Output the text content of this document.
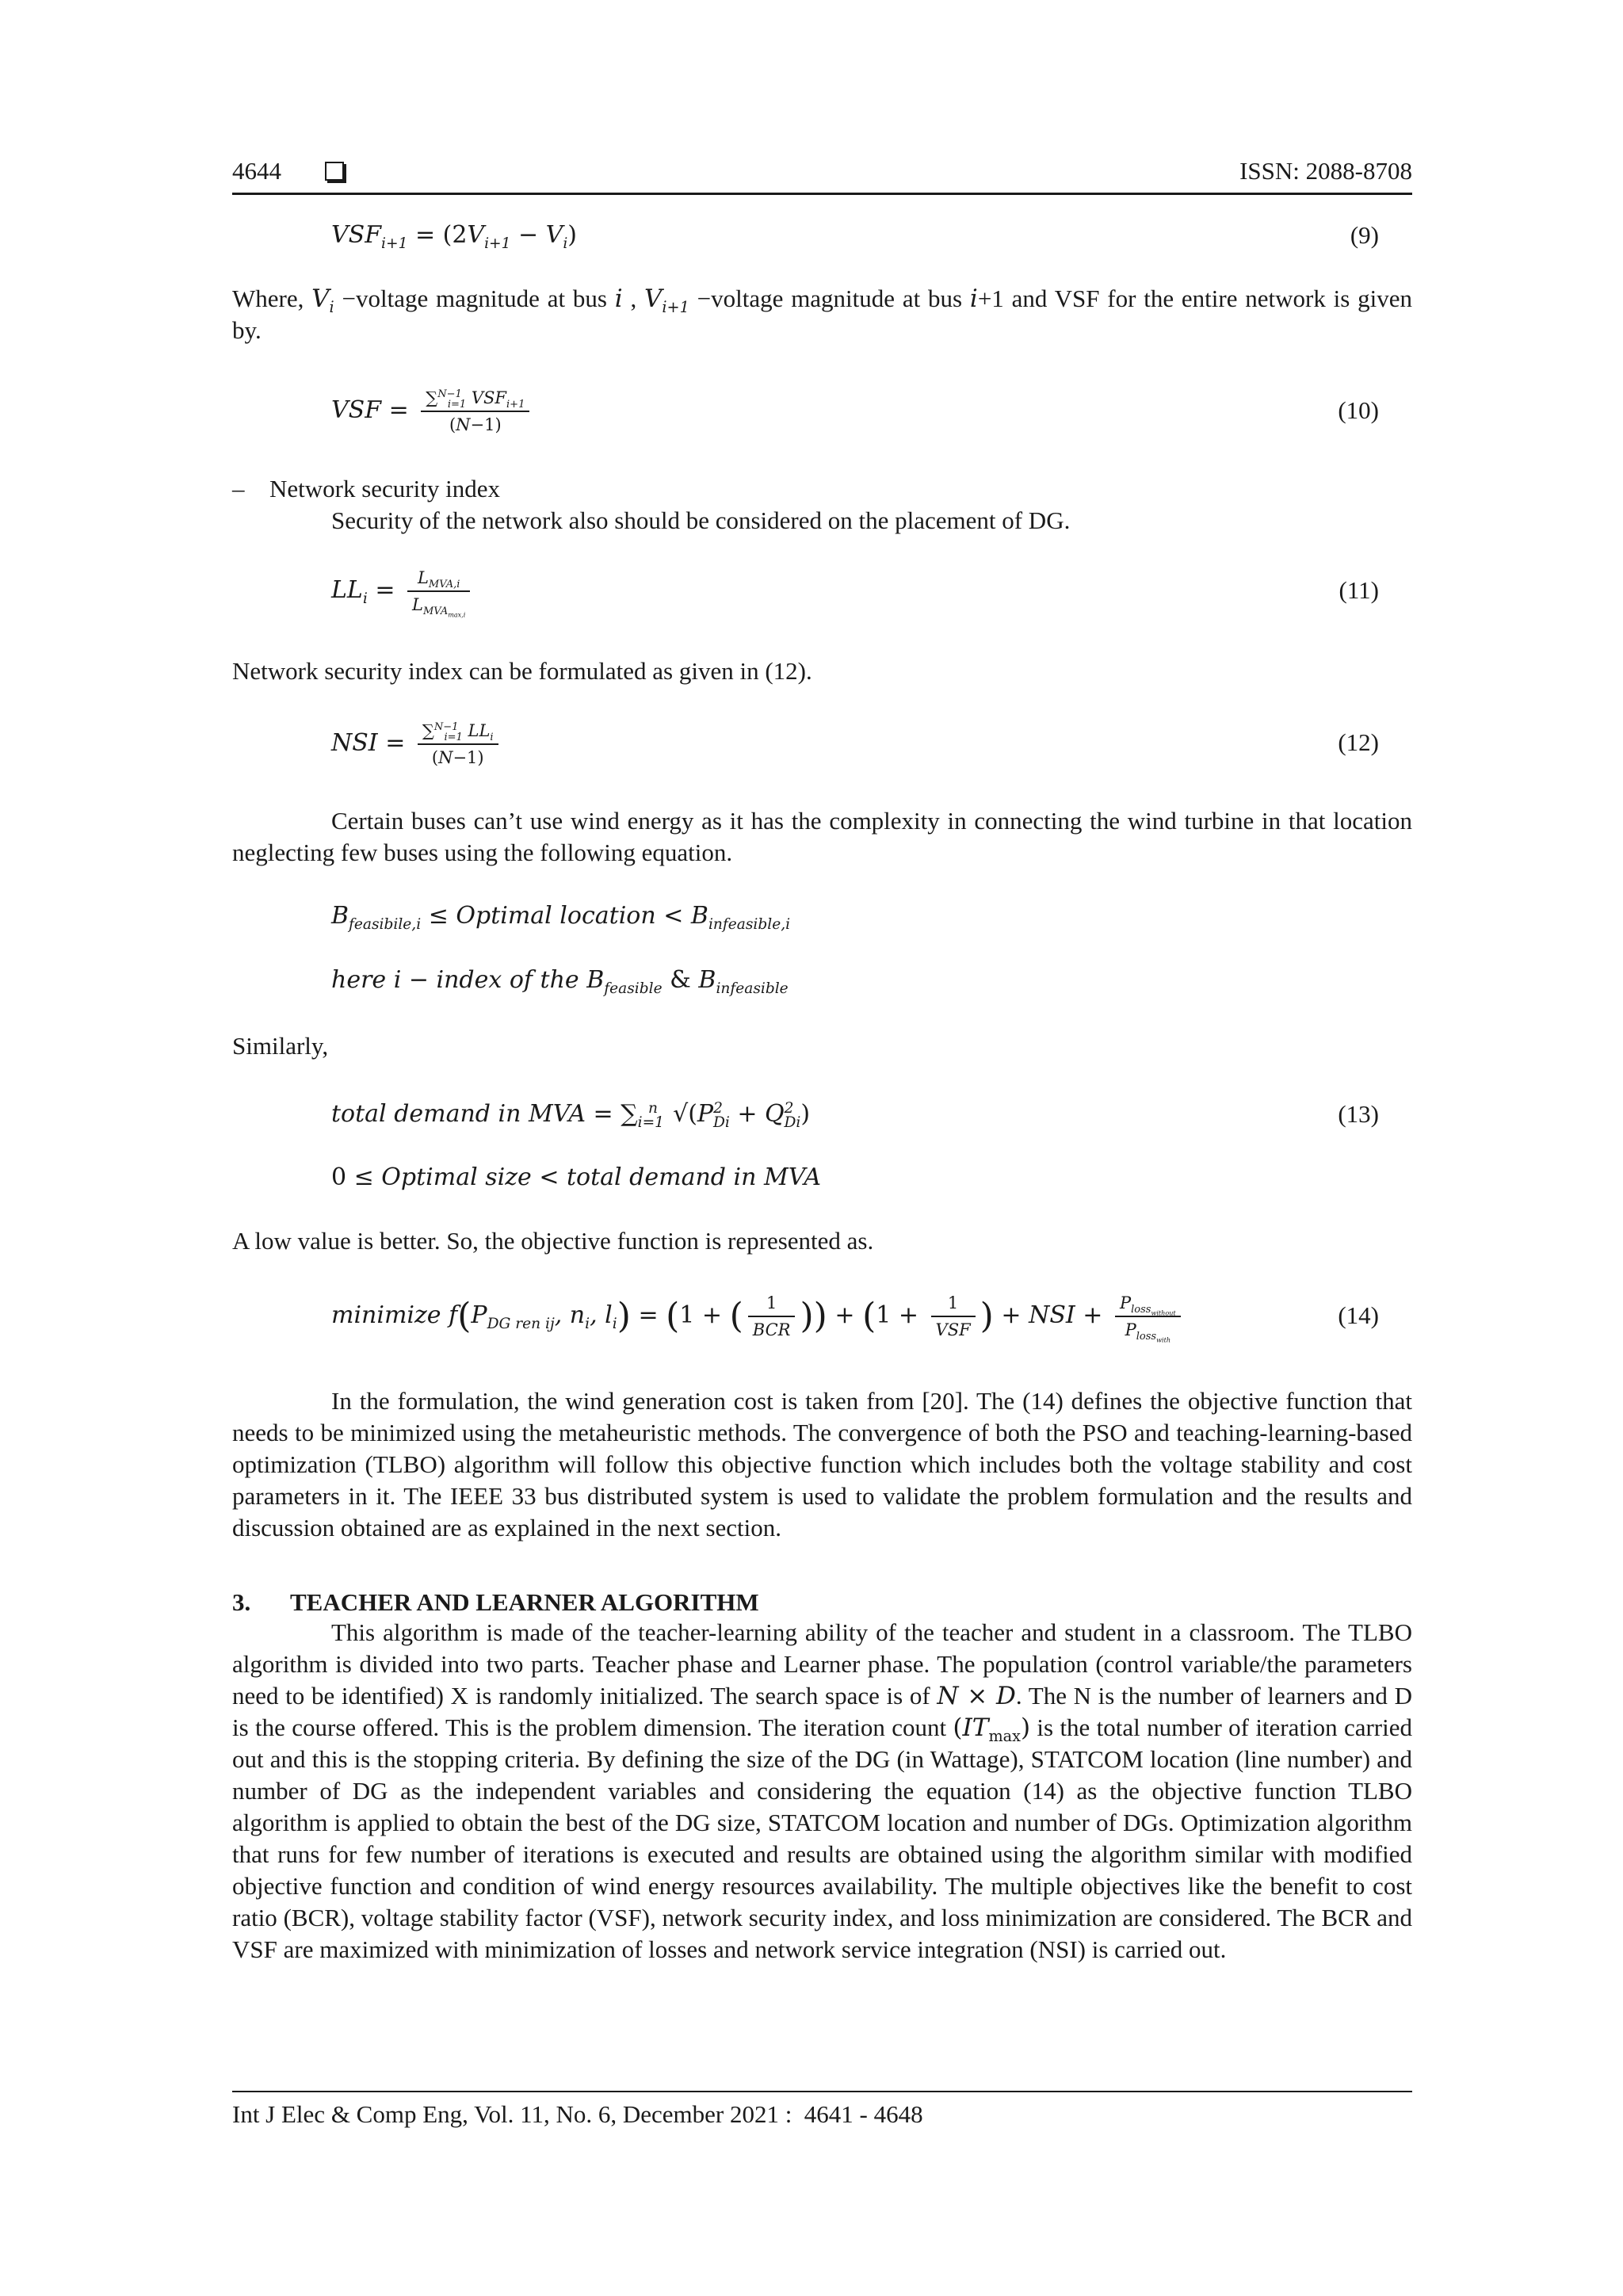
4644	ISSN: 2088-8708
$VSF_{i+1} = (2V_{i+1} - V_i)$	(9)
Where, $V_i$ −voltage magnitude at bus i , $V_{i+1}$ −voltage magnitude at bus i+1 and VSF for the entire network is given by.
VSF = $\frac{\sum^{N-1}_{i=1} VSF_{i+1}}{(N-1)}$	(10)
– Network security index
Security of the network also should be considered on the placement of DG.
$LL_i = \frac{L_{MVA,i}}{L_{MVA_{max,i}}}$	(11)
Network security index can be formulated as given in (12).
NSI = $\frac{\sum^{N-1}_{i=1} LL_i}{(N-1)}$	(12)
Certain buses can’t use wind energy as it has the complexity in connecting the wind turbine in that location neglecting few buses using the following equation.
$B_{feasibile,i}$ ≤ Optimal location < $B_{infeasible,i}$
here i − index of the $B_{feasible}$ & $B_{infeasible}$
Similarly,
total demand in MVA = $\sum_{i=1}^n$ $√(P^2_{Di} + Q^2_{Di})$	(13)
0 ≤ Optimal size < total demand in MVA
A low value is better. So, the objective function is represented as.
minimize $f(P_{DG ren ij}$, $n_i$, $l_i) = (1$ + ( $\frac{1}{\text{BCR}}$ )) + ($1 + \frac{1}{\text{VSF}}$ ) + NSI + $\frac{P_{loss_{without}}}{P_{loss_{with}}}$	(14)
In the formulation, the wind generation cost is taken from [20]. The (14) defines the objective function that needs to be minimized using the metaheuristic methods. The convergence of both the PSO and teaching-learning-based optimization (TLBO) algorithm will follow this objective function which includes both the voltage stability and cost parameters in it. The IEEE 33 bus distributed system is used to validate the problem formulation and the results and discussion obtained are as explained in the next section.
3. TEACHER AND LEARNER ALGORITHM
This algorithm is made of the teacher-learning ability of the teacher and student in a classroom. The TLBO algorithm is divided into two parts. Teacher phase and Learner phase. The population (control variable/the parameters need to be identified) X is randomly initialized. The search space is of N × D. The N is the number of learners and D is the course offered. This is the problem dimension. The iteration count $(IT_{max})$ is the total number of iteration carried out and this is the stopping criteria. By defining the size of the DG (in Wattage), STATCOM location (line number) and number of DG as the independent variables and considering the equation (14) as the objective function TLBO algorithm is applied to obtain the best of the DG size, STATCOM location and number of DGs. Optimization algorithm that runs for few number of iterations is executed and results are obtained using the algorithm similar with modified objective function and condition of wind energy resources availability. The multiple objectives like the benefit to cost ratio (BCR), voltage stability factor (VSF), network security index, and loss minimization are considered. The BCR and VSF are maximized with minimization of losses and network service integration (NSI) is carried out.
Int J Elec & Comp Eng, Vol. 11, No. 6, December 2021 :  4641 - 4648
